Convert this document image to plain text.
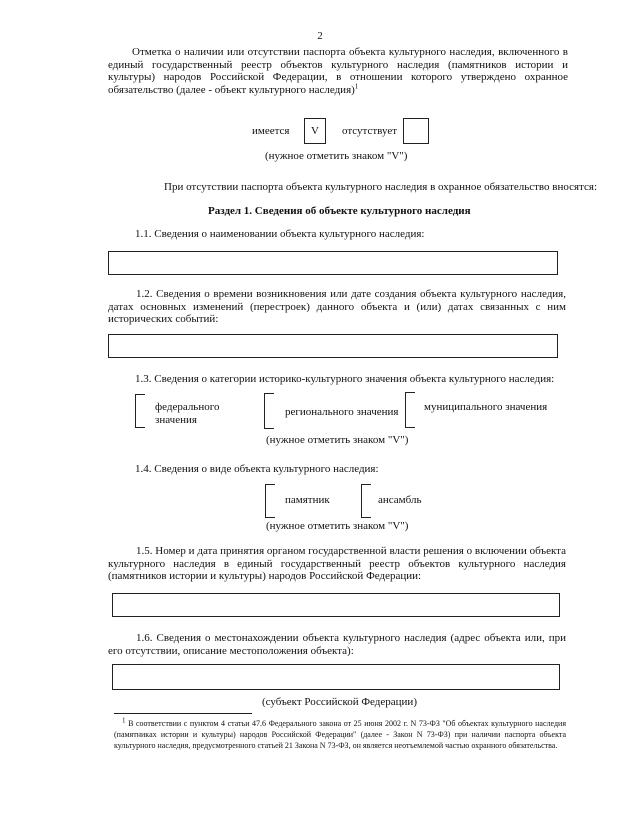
2
Отметка о наличии или отсутствии паспорта объекта культурного наследия, включенного в единый государственный реестр объектов культурного наследия (памятников истории и культуры) народов Российской Федерации, в отношении которого утверждено охранное обязательство (далее - объект культурного наследия)$^1$
имеется	V	отсутствует
(нужное отметить знаком "V")
При отсутствии паспорта объекта культурного наследия в охранное обязательство вносятся:
Раздел 1. Сведения об объекте культурного наследия
1.1. Сведения о наименовании объекта культурного наследия:
1.2. Сведения о времени возникновения или дате создания объекта культурного наследия, датах основных изменений (перестроек) данного объекта и (или) датах связанных с ним исторических событий:
1.3. Сведения о категории историко-культурного значения объекта культурного наследия:
федерального значения
регионального значения муниципального значения
(нужное отметить знаком "V")
1.4. Сведения о виде объекта культурного наследия:
памятник	ансамбль
(нужное отметить знаком "V")
1.5. Номер и дата принятия органом государственной власти решения о включении объекта культурного наследия в единый государственный реестр объектов культурного наследия (памятников истории и культуры) народов Российской Федерации:
1.6. Сведения о местонахождении объекта культурного наследия (адрес объекта или, при его отсутствии, описание местоположения объекта):
(субъект Российской Федерации)
$^1$ В соответствии с пунктом 4 статьи 47.6 Федерального закона от 25 июня 2002 г. N 73-ФЗ "Об объектах культурного наследия (памятниках истории и культуры) народов Российской Федерации" (далее - Закон N 73-ФЗ) при наличии паспорта объекта культурного наследия, предусмотренного статьей 21 Закона N 73-ФЗ, он является неотъемлемой частью охранного обязательства.
